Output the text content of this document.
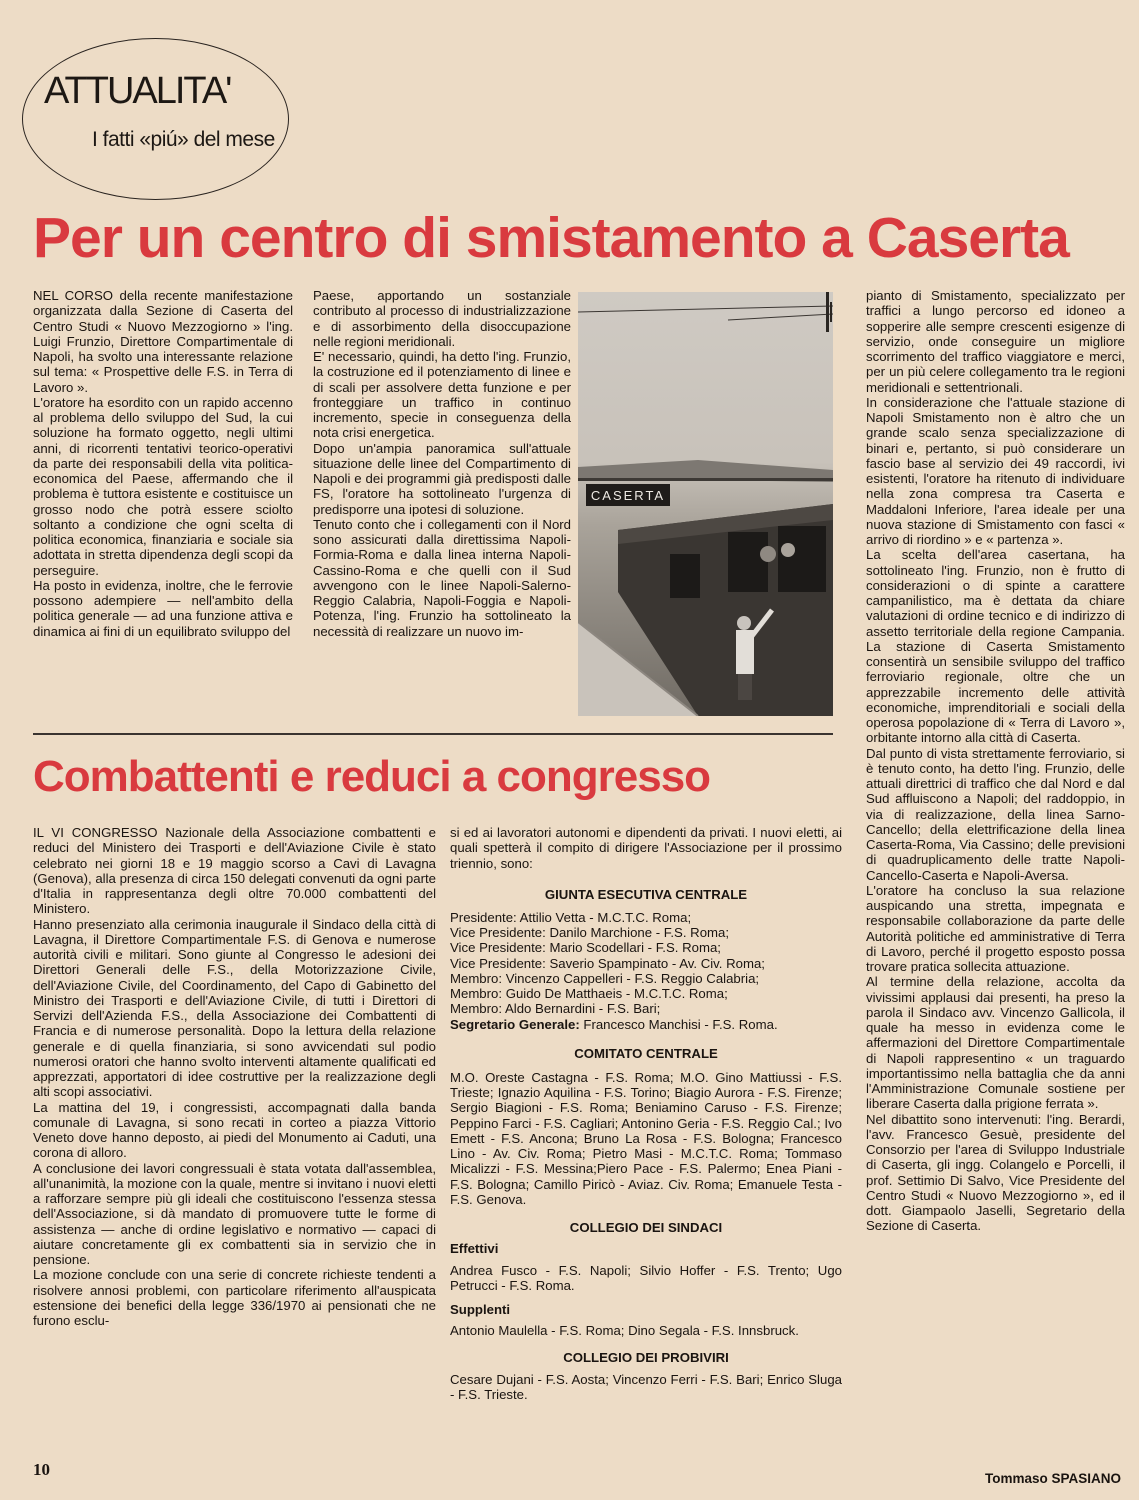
ATTUALITA'
I fatti «piú» del mese
Per un centro di smistamento a Caserta

NEL CORSO della recente manifestazione organizzata dalla Sezione di Caserta del Centro Studi « Nuovo Mezzogiorno » l'ing. Luigi Frunzio, Direttore Compartimentale di Napoli, ha svolto una interessante relazione sul tema: « Prospettive delle F.S. in Terra di Lavoro ».

L'oratore ha esordito con un rapido accenno al problema dello sviluppo del Sud, la cui soluzione ha formato oggetto, negli ultimi anni, di ricorrenti tentativi teorico-operativi da parte dei responsabili della vita politica-economica del Paese, affermando che il problema è tuttora esistente e costituisce un grosso nodo che potrà essere sciolto soltanto a condizione che ogni scelta di politica economica, finanziaria e sociale sia adottata in stretta dipendenza degli scopi da perseguire.

Ha posto in evidenza, inoltre, che le ferrovie possono adempiere — nell'ambito della politica generale — ad una funzione attiva e dinamica ai fini di un equilibrato sviluppo del

Paese, apportando un sostanziale contributo al processo di industrializzazione e di assorbimento della disoccupazione nelle regioni meridionali.

E' necessario, quindi, ha detto l'ing. Frunzio, la costruzione ed il potenziamento di linee e di scali per assolvere detta funzione e per fronteggiare un traffico in continuo incremento, specie in conseguenza della nota crisi energetica.

Dopo un'ampia panoramica sull'attuale situazione delle linee del Compartimento di Napoli e dei programmi già predisposti dalle FS, l'oratore ha sottolineato l'urgenza di predisporre una ipotesi di soluzione.

Tenuto conto che i collegamenti con il Nord sono assicurati dalla direttissima Napoli-Formia-Roma e dalla linea interna Napoli-Cassino-Roma e che quelli con il Sud avvengono con le linee Napoli-Salerno-Reggio Calabria, Napoli-Foggia e Napoli-Potenza, l'ing. Frunzio ha sottolineato la necessità di realizzare un nuovo im-

CASERTA

pianto di Smistamento, specializzato per traffici a lungo percorso ed idoneo a sopperire alle sempre crescenti esigenze di servizio, onde conseguire un migliore scorrimento del traffico viaggiatore e merci, per un più celere collegamento tra le regioni meridionali e settentrionali.

In considerazione che l'attuale stazione di Napoli Smistamento non è altro che un grande scalo senza specializzazione di binari e, pertanto, si può considerare un fascio base al servizio dei 49 raccordi, ivi esistenti, l'oratore ha ritenuto di individuare nella zona compresa tra Caserta e Maddaloni Inferiore, l'area ideale per una nuova stazione di Smistamento con fasci « arrivo di riordino » e « partenza ».

La scelta dell'area casertana, ha sottolineato l'ing. Frunzio, non è frutto di considerazioni o di spinte a carattere campanilistico, ma è dettata da chiare valutazioni di ordine tecnico e di indirizzo di assetto territoriale della regione Campania. La stazione di Caserta Smistamento consentirà un sensibile sviluppo del traffico ferroviario regionale, oltre che un apprezzabile incremento delle attività economiche, imprenditoriali e sociali della operosa popolazione di « Terra di Lavoro », orbitante intorno alla città di Caserta.

Dal punto di vista strettamente ferroviario, si è tenuto conto, ha detto l'ing. Frunzio, delle attuali direttrici di traffico che dal Nord e dal Sud affluiscono a Napoli; del raddoppio, in via di realizzazione, della linea Sarno-Cancello; della elettrificazione della linea Caserta-Roma, Via Cassino; delle previsioni di quadruplicamento delle tratte Napoli-Cancello-Caserta e Napoli-Aversa.

L'oratore ha concluso la sua relazione auspicando una stretta, impegnata e responsabile collaborazione da parte delle Autorità politiche ed amministrative di Terra di Lavoro, perché il progetto esposto possa trovare pratica sollecita attuazione.

Al termine della relazione, accolta da vivissimi applausi dai presenti, ha preso la parola il Sindaco avv. Vincenzo Gallicola, il quale ha messo in evidenza come le affermazioni del Direttore Compartimentale di Napoli rappresentino « un traguardo importantissimo nella battaglia che da anni l'Amministrazione Comunale sostiene per liberare Caserta dalla prigione ferrata ».

Nel dibattito sono intervenuti: l'ing. Berardi, l'avv. Francesco Gesuè, presidente del Consorzio per l'area di Sviluppo Industriale di Caserta, gli ingg. Colangelo e Porcelli, il prof. Settimio Di Salvo, Vice Presidente del Centro Studi « Nuovo Mezzogiorno », ed il dott. Giampaolo Jaselli, Segretario della Sezione di Caserta.

Combattenti e reduci a congresso

IL VI CONGRESSO Nazionale della Associazione combattenti e reduci del Ministero dei Trasporti e dell'Aviazione Civile è stato celebrato nei giorni 18 e 19 maggio scorso a Cavi di Lavagna (Genova), alla presenza di circa 150 delegati convenuti da ogni parte d'Italia in rappresentanza degli oltre 70.000 combattenti del Ministero.

Hanno presenziato alla cerimonia inaugurale il Sindaco della città di Lavagna, il Direttore Compartimentale F.S. di Genova e numerose autorità civili e militari. Sono giunte al Congresso le adesioni dei Direttori Generali delle F.S., della Motorizzazione Civile, dell'Aviazione Civile, del Coordinamento, del Capo di Gabinetto del Ministro dei Trasporti e dell'Aviazione Civile, di tutti i Direttori di Servizi dell'Azienda F.S., della Associazione dei Combattenti di Francia e di numerose personalità. Dopo la lettura della relazione generale e di quella finanziaria, si sono avvicendati sul podio numerosi oratori che hanno svolto interventi altamente qualificati ed apprezzati, apportatori di idee costruttive per la realizzazione degli alti scopi associativi.

La mattina del 19, i congressisti, accompagnati dalla banda comunale di Lavagna, si sono recati in corteo a piazza Vittorio Veneto dove hanno deposto, ai piedi del Monumento ai Caduti, una corona di alloro.

A conclusione dei lavori congressuali è stata votata dall'assemblea, all'unanimità, la mozione con la quale, mentre si invitano i nuovi eletti a rafforzare sempre più gli ideali che costituiscono l'essenza stessa dell'Associazione, si dà mandato di promuovere tutte le forme di assistenza — anche di ordine legislativo e normativo — capaci di aiutare concretamente gli ex combattenti sia in servizio che in pensione.

La mozione conclude con una serie di concrete richieste tendenti a risolvere annosi problemi, con particolare riferimento all'auspicata estensione dei benefici della legge 336/1970 ai pensionati che ne furono esclu-

si ed ai lavoratori autonomi e dipendenti da privati. I nuovi eletti, ai quali spetterà il compito di dirigere l'Associazione per il prossimo triennio, sono:

GIUNTA ESECUTIVA CENTRALE

Presidente: Attilio Vetta - M.C.T.C. Roma;

Vice Presidente: Danilo Marchione - F.S. Roma;

Vice Presidente: Mario Scodellari - F.S. Roma;

Vice Presidente: Saverio Spampinato - Av. Civ. Roma;

Membro: Vincenzo Cappelleri - F.S. Reggio Calabria;

Membro: Guido De Matthaeis - M.C.T.C. Roma;

Membro: Aldo Bernardini - F.S. Bari;

Segretario Generale: Francesco Manchisi - F.S. Roma.

COMITATO CENTRALE

M.O. Oreste Castagna - F.S. Roma; M.O. Gino Mattiussi - F.S. Trieste; Ignazio Aquilina - F.S. Torino; Biagio Aurora - F.S. Firenze; Sergio Biagioni - F.S. Roma; Beniamino Caruso - F.S. Firenze; Peppino Farci - F.S. Cagliari; Antonino Geria - F.S. Reggio Cal.; Ivo Emett - F.S. Ancona; Bruno La Rosa - F.S. Bologna; Francesco Lino - Av. Civ. Roma; Pietro Masi - M.C.T.C. Roma; Tommaso Micalizzi - F.S. Messina;Piero Pace - F.S. Palermo; Enea Piani - F.S. Bologna; Camillo Piricò - Aviaz. Civ. Roma; Emanuele Testa - F.S. Genova.

COLLEGIO DEI SINDACI

Effettivi

Andrea Fusco - F.S. Napoli; Silvio Hoffer - F.S. Trento; Ugo Petrucci - F.S. Roma.

Supplenti

Antonio Maulella - F.S. Roma; Dino Segala - F.S. Innsbruck.

COLLEGIO DEI PROBIVIRI

Cesare Dujani - F.S. Aosta; Vincenzo Ferri - F.S. Bari; Enrico Sluga - F.S. Trieste.

Tommaso SPASIANO
10
